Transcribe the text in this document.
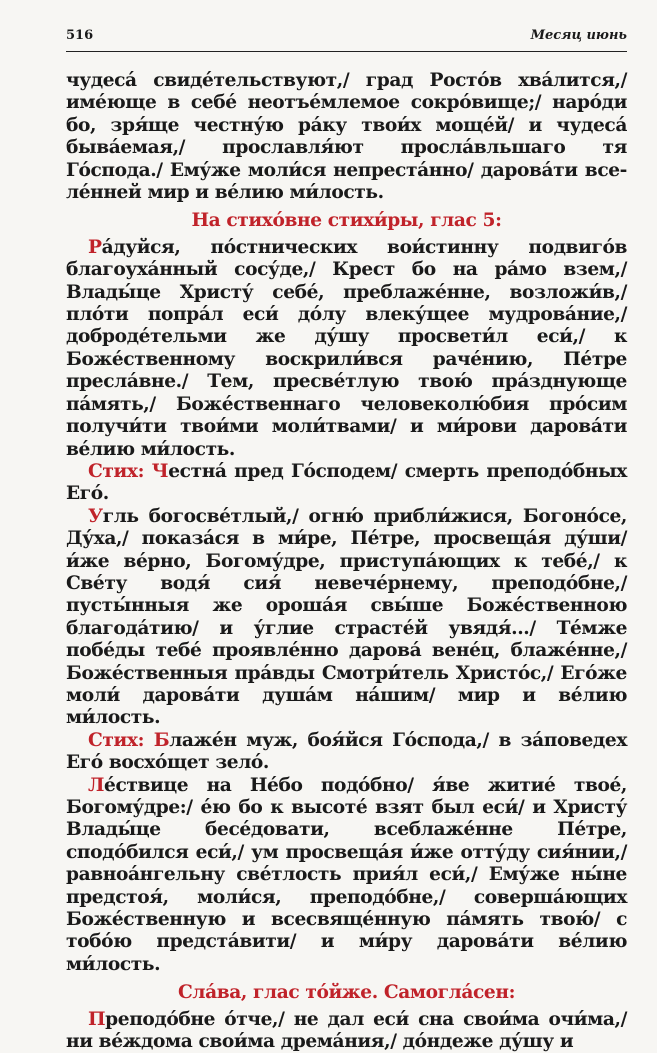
516	Месяц июнь

чудеса́ свиде́тельствуют,/ град Росто́в хва́лится,/ име́юще в себе́ неотъе́млемое сокро́вище;/ наро́ди бо, зря́ще честну́ю ра́ку твои́х моще́й/ и чудеса́ быва́емая,/ прославля́ют просла́вльшаго тя Го́спода./ Ему́же моли́ся непреста́нно/ дарова́ти все-ле́нней мир и ве́лию ми́лость.

На стихо́вне стихи́ры, глас 5:

Ра́дуйся, по́стнических вои́стинну подвиго́в благоуха́нный сосу́де,/ Крест бо на ра́мо взем,/ Влады́це Христу́ себе́, преблаже́нне, возложи́в,/ пло́ти попра́л еси́ до́лу влеку́щее мудрова́ние,/ доброде́тельми же ду́шу просвети́л еси́,/ к Боже́ственному воскрили́вся раче́нию, Пе́тре пресла́вне./ Тем, пресве́тлую твою́ пра́зднующе па́мять,/ Боже́ственнаго человеколю́бия про́сим получи́ти твои́ми моли́твами/ и ми́рови дарова́ти ве́лию ми́лость.

Стих: Честна́ пред Го́сподем/ смерть преподо́бных Его́.

Угль богосве́тлый,/ огню́ прибли́жися, Богоно́се, Ду́ха,/ показа́ся в ми́ре, Пе́тре, просвеща́я ду́ши/ и́же ве́рно, Богому́дре, приступа́ющих к тебе́,/ к Све́ту водя́ сия́ невече́рнему, преподо́бне,/ пусты́нныя же ороша́я свы́ше Боже́ственною благода́тию/ и у́глие страсте́й увядя́.../ Те́мже побе́ды тебе́ проявле́нно дарова́ вене́ц, блаже́нне,/ Боже́ственныя пра́вды Смотри́тель Христо́с,/ Его́же моли́ дарова́ти душа́м на́шим/ мир и ве́лию ми́лость.

Стих: Блаже́н муж, боя́йся Го́спода,/ в за́поведех Его́ восхо́щет зело́.

Ле́ствице на Не́бо подо́бно/ я́ве житие́ твое́, Богому́дре:/ е́ю бо к высоте́ взят был еси́/ и Христу́ Влады́це бесе́довати, всеблаже́нне Пе́тре, сподо́бился еси́,/ ум просвеща́я и́же отту́ду сия́нии,/ равноа́нгельну све́тлость прия́л еси́,/ Ему́же ны́не предстоя́, моли́ся, преподо́бне,/ соверша́ющих Боже́ственную и всесвяще́нную па́мять твою́/ с тобо́ю предста́вити/ и ми́ру дарова́ти ве́лию ми́лость.

Сла́ва, глас то́йже. Самогла́сен:

Преподо́бне о́тче,/ не дал еси́ сна свои́ма очи́ма,/ ни ве́ждома свои́ма дрема́ния,/ до́ндеже ду́шу и
